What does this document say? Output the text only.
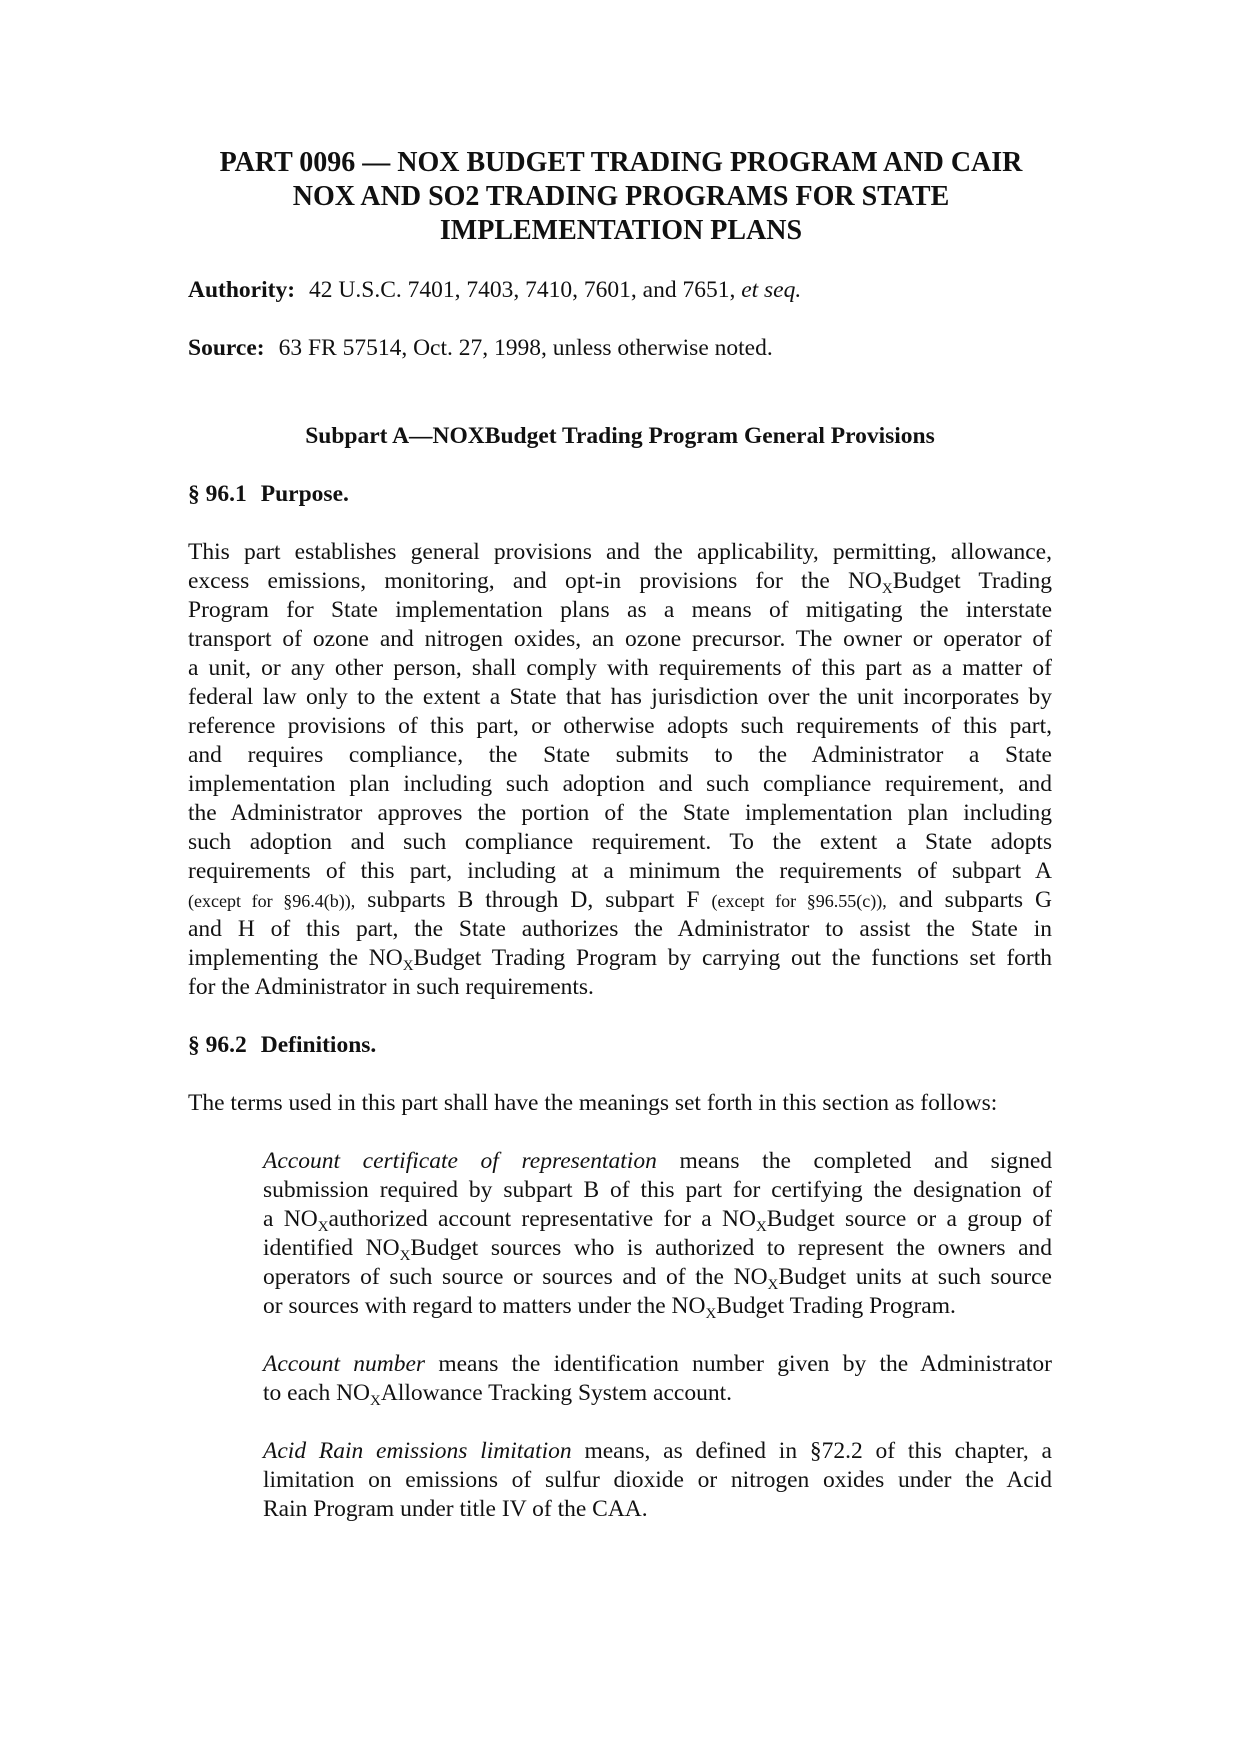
PART 0096 — NOX BUDGET TRADING PROGRAM AND CAIR
NOX AND SO2 TRADING PROGRAMS FOR STATE
IMPLEMENTATION PLANS

Authority: 42 U.S.C. 7401, 7403, 7410, 7601, and 7651, et seq.

Source: 63 FR 57514, Oct. 27, 1998, unless otherwise noted.

Subpart A—NOXBudget Trading Program General Provisions

§ 96.1 Purpose.

This part establishes general provisions and the applicability, permitting, allowance,

excess emissions, monitoring, and opt-in provisions for the $NO_XBudget$ Trading

Program for State implementation plans as a means of mitigating the interstate

transport of ozone and nitrogen oxides, an ozone precursor. The owner or operator of

a unit, or any other person, shall comply with requirements of this part as a matter of

federal law only to the extent a State that has jurisdiction over the unit incorporates by

reference provisions of this part, or otherwise adopts such requirements of this part,

and requires compliance, the State submits to the Administrator a State

implementation plan including such adoption and such compliance requirement, and

the Administrator approves the portion of the State implementation plan including

such adoption and such compliance requirement. To the extent a State adopts

requirements of this part, including at a minimum the requirements of subpart A

(except for §96.4(b)), subparts B through D, subpart F (except for §96.55(c)), and subparts G

and H of this part, the State authorizes the Administrator to assist the State in

implementing the $NO_XBudget$ Trading Program by carrying out the functions set forth

for the Administrator in such requirements.

§ 96.2 Definitions.

The terms used in this part shall have the meanings set forth in this section as follows:

Account certificate of representation means the completed and signed

submission required by subpart B of this part for certifying the designation of

a $NO_Xauthorized$ account representative for a $NO_XBudget$ source or a group of

identified $NO_XBudget$ sources who is authorized to represent the owners and

operators of such source or sources and of the $NO_XBudget$ units at such source

or sources with regard to matters under the $NO_XBudget$ Trading Program.

Account number means the identification number given by the Administrator

to each $NO_XAllowance$ Tracking System account.

Acid Rain emissions limitation means, as defined in §72.2 of this chapter, a

limitation on emissions of sulfur dioxide or nitrogen oxides under the Acid

Rain Program under title IV of the CAA.
